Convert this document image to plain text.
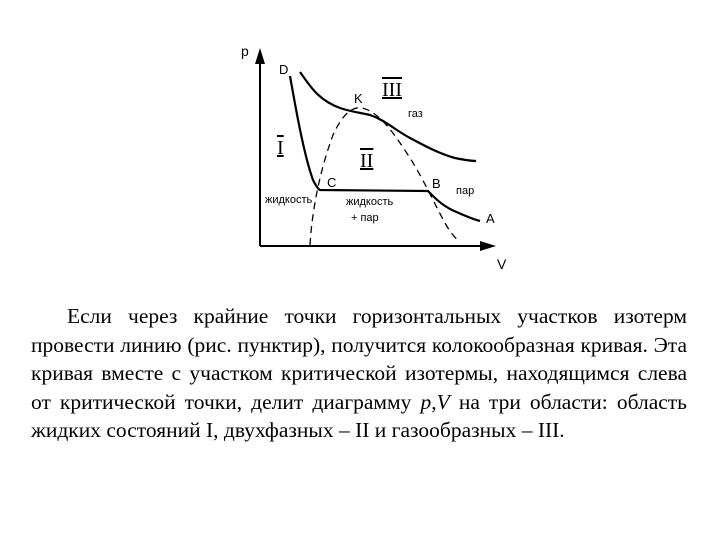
p
V
D
K
C	B
A
I
II
III
газ
пар
жидкость	жидкость
+ пар

Если через крайние точки горизонтальных участков изотерм провести линию (рис. пунктир), получится колокообразная кривая. Эта кривая вместе с участком критической изотермы, находящимся слева от критической точки, делит диаграмму p,V на три области: область жидких состояний I, двухфазных – II и газообразных – III.
